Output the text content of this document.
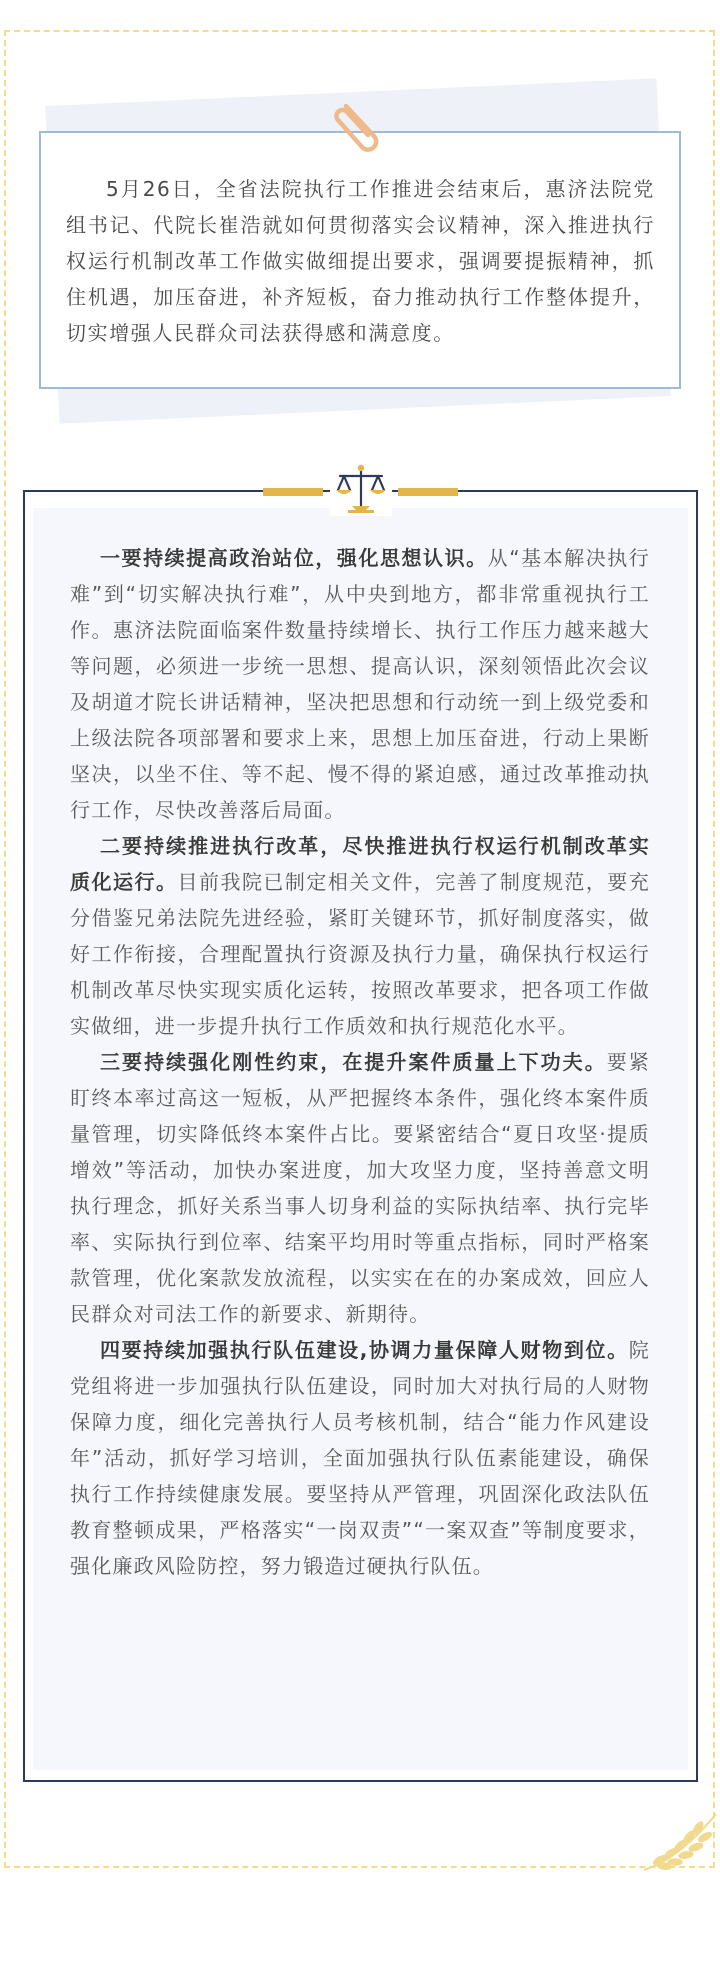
5月26日，全省法院执行工作推进会结束后，惠济法院党组书记、代院长崔浩就如何贯彻落实会议精神，深入推进执行权运行机制改革工作做实做细提出要求，强调要提振精神，抓住机遇，加压奋进，补齐短板，奋力推动执行工作整体提升，切实增强人民群众司法获得感和满意度。

一要持续提高政治站位，强化思想认识。从“基本解决执行难”到“切实解决执行难”，从中央到地方，都非常重视执行工作。惠济法院面临案件数量持续增长、执行工作压力越来越大等问题，必须进一步统一思想、提高认识，深刻领悟此次会议及胡道才院长讲话精神，坚决把思想和行动统一到上级党委和上级法院各项部署和要求上来，思想上加压奋进，行动上果断坚决，以坐不住、等不起、慢不得的紧迫感，通过改革推动执行工作，尽快改善落后局面。

二要持续推进执行改革，尽快推进执行权运行机制改革实质化运行。目前我院已制定相关文件，完善了制度规范，要充分借鉴兄弟法院先进经验，紧盯关键环节，抓好制度落实，做好工作衔接，合理配置执行资源及执行力量，确保执行权运行机制改革尽快实现实质化运转，按照改革要求，把各项工作做实做细，进一步提升执行工作质效和执行规范化水平。

三要持续强化刚性约束，在提升案件质量上下功夫。要紧盯终本率过高这一短板，从严把握终本条件，强化终本案件质量管理，切实降低终本案件占比。要紧密结合“夏日攻坚·提质增效”等活动，加快办案进度，加大攻坚力度，坚持善意文明执行理念，抓好关系当事人切身利益的实际执结率、执行完毕率、实际执行到位率、结案平均用时等重点指标，同时严格案款管理，优化案款发放流程，以实实在在的办案成效，回应人民群众对司法工作的新要求、新期待。

四要持续加强执行队伍建设,协调力量保障人财物到位。院党组将进一步加强执行队伍建设，同时加大对执行局的人财物保障力度，细化完善执行人员考核机制，结合“能力作风建设年”活动，抓好学习培训，全面加强执行队伍素能建设，确保执行工作持续健康发展。要坚持从严管理，巩固深化政法队伍教育整顿成果，严格落实“一岗双责”“一案双查”等制度要求，强化廉政风险防控，努力锻造过硬执行队伍。
